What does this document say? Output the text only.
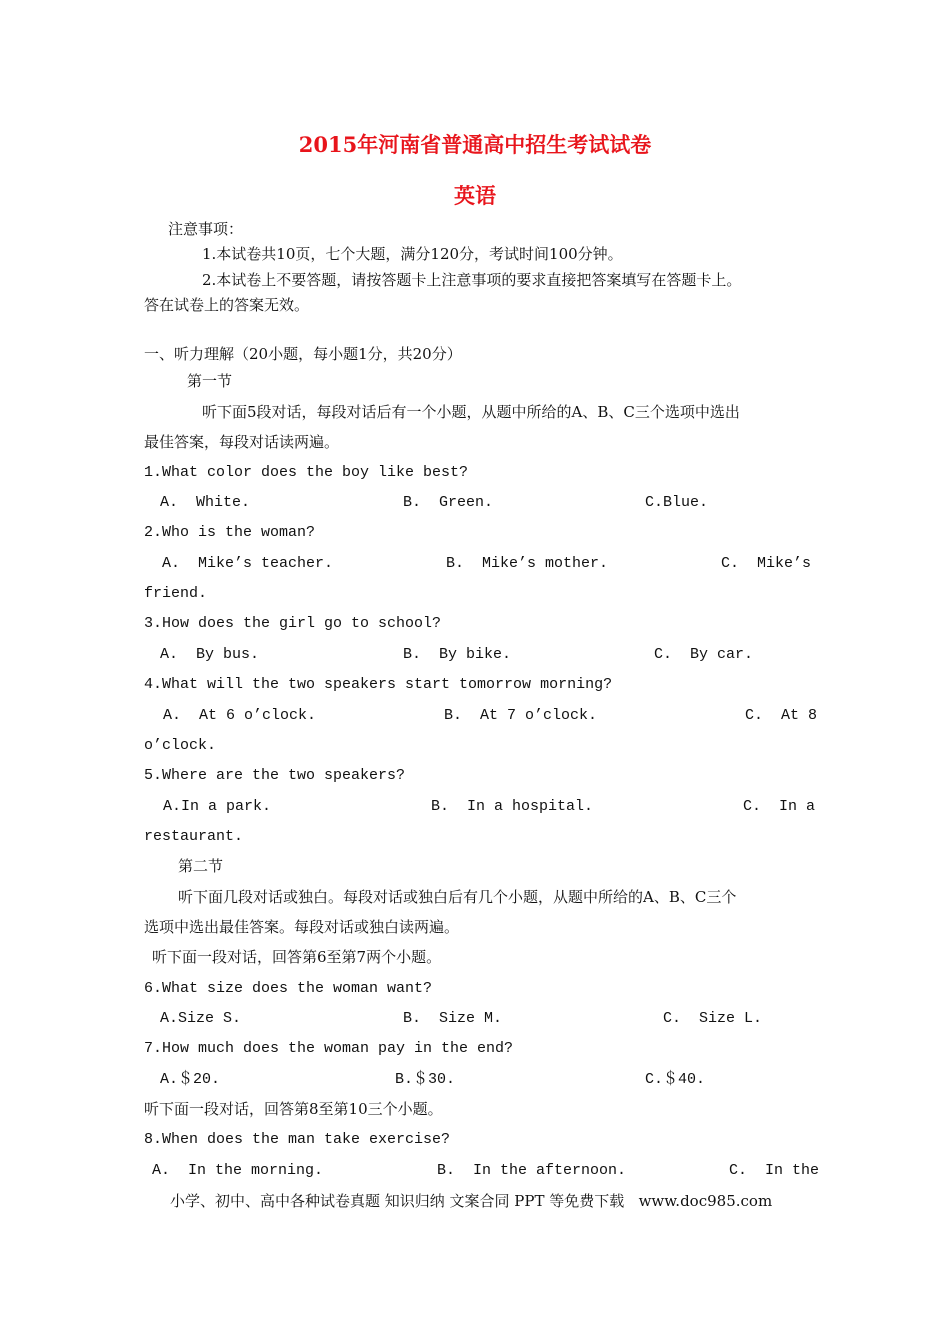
2015年河南省普通高中招生考试试卷
英语
注意事项：
1.本试卷共10页，七个大题，满分120分，考试时间100分钟。
2.本试卷上不要答题，请按答题卡上注意事项的要求直接把答案填写在答题卡上。
答在试卷上的答案无效。
一、听力理解（20小题，每小题1分，共20分）
第一节
听下面5段对话，每段对话后有一个小题，从题中所给的A、B、C三个选项中选出
最佳答案，每段对话读两遍。
1.What color does the boy like best?
A.  White.	B.  Green.	C.Blue.
2.Who is the woman?
A.  Mike’s teacher.	B.  Mike’s mother.	C.  Mike’s
friend.
3.How does the girl go to school?
A.  By bus.	B.  By bike.	C.  By car.
4.What will the two speakers start tomorrow morning?
A.  At 6 o’clock.	B.  At 7 o’clock.	C.  At 8
o’clock.
5.Where are the two speakers?
A.In a park.	B.  In a hospital.	C.  In a
restaurant.
第二节
听下面几段对话或独白。每段对话或独白后有几个小题，从题中所给的A、B、C三个
选项中选出最佳答案。每段对话或独白读两遍。
听下面一段对话，回答第6至第7两个小题。
6.What size does the woman want?
A.Size S.	B.  Size M.	C.  Size L.
7.How much does the woman pay in the end?
A.＄20.	B.＄30.	C.＄40.
听下面一段对话，回答第8至第10三个小题。
8.When does the man take exercise?
A.  In the morning.	B.  In the afternoon.	C.  In the
小学、初中、高中各种试卷真题 知识归纳 文案合同 PPT 等免费下载   www.doc985.com
